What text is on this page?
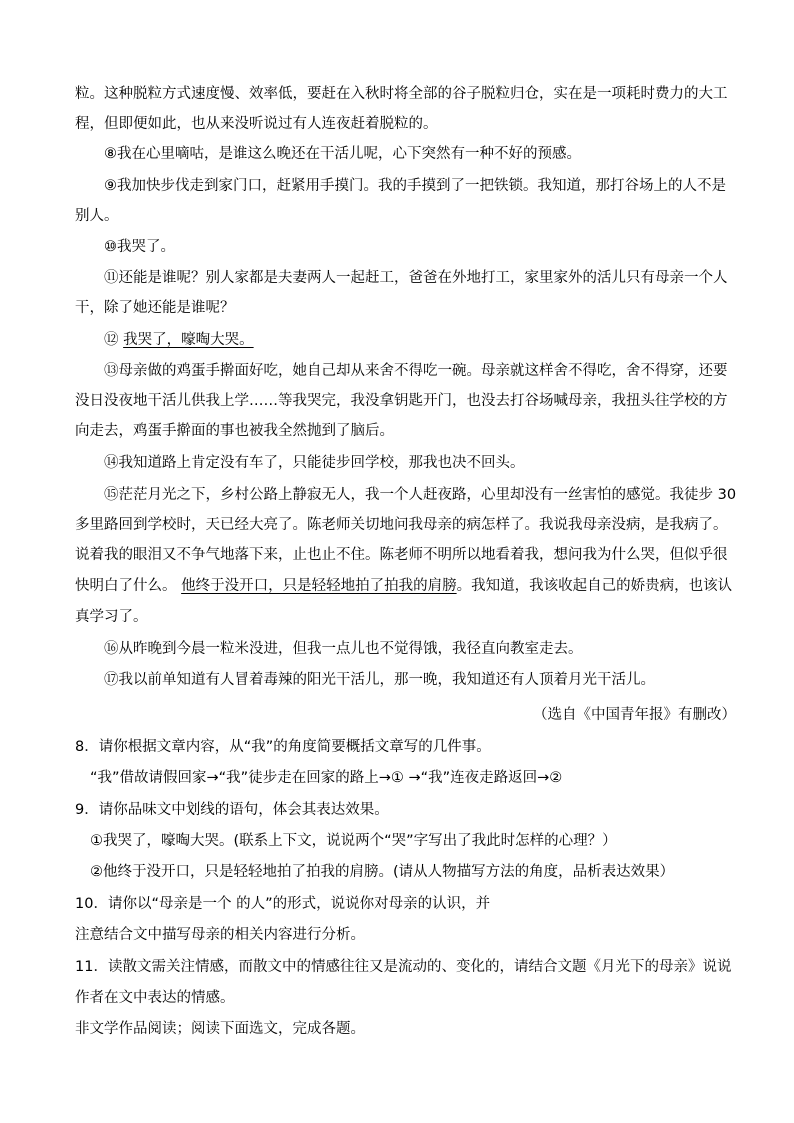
粒。这种脱粒方式速度慢、效率低，要赶在入秋时将全部的谷子脱粒归仓，实在是一项耗时费力的大工
程，但即便如此，也从来没听说过有人连夜赶着脱粒的。
⑧我在心里嘀咕，是谁这么晚还在干活儿呢，心下突然有一种不好的预感。
⑨我加快步伐走到家门口，赶紧用手摸门。我的手摸到了一把铁锁。我知道，那打谷场上的人不是
别人。
⑩我哭了。
⑪还能是谁呢？别人家都是夫妻两人一起赶工，爸爸在外地打工，家里家外的活儿只有母亲一个人
干，除了她还能是谁呢？
⑫ 我哭了，嚎啕大哭。
⑬母亲做的鸡蛋手擀面好吃，她自己却从来舍不得吃一碗。母亲就这样舍不得吃，舍不得穿，还要
没日没夜地干活儿供我上学……等我哭完，我没拿钥匙开门，也没去打谷场喊母亲，我扭头往学校的方
向走去，鸡蛋手擀面的事也被我全然抛到了脑后。
⑭我知道路上肯定没有车了，只能徒步回学校，那我也决不回头。
⑮茫茫月光之下，乡村公路上静寂无人，我一个人赶夜路，心里却没有一丝害怕的感觉。我徒步 30
多里路回到学校时，天已经大亮了。陈老师关切地问我母亲的病怎样了。我说我母亲没病，是我病了。
说着我的眼泪又不争气地落下来，止也止不住。陈老师不明所以地看着我，想问我为什么哭，但似乎很
快明白了什么。 他终于没开口，只是轻轻地拍了拍我的肩膀。我知道，我该收起自己的娇贵病，也该认
真学习了。
⑯从昨晚到今晨一粒米没进，但我一点儿也不觉得饿，我径直向教室走去。
⑰我以前单知道有人冒着毒辣的阳光干活儿，那一晚，我知道还有人顶着月光干活儿。
（选自《中国青年报》有删改）
8．请你根据文章内容，从“我”的角度简要概括文章写的几件事。
“我”借故请假回家→“我”徒步走在回家的路上→① →“我”连夜走路返回→②
9．请你品味文中划线的语句，体会其表达效果。
①我哭了，嚎啕大哭。(联系上下文，说说两个“哭”字写出了我此时怎样的心理？）
②他终于没开口，只是轻轻地拍了拍我的肩膀。(请从人物描写方法的角度，品析表达效果）
10．请你以“母亲是一个 的人”的形式，说说你对母亲的认识，并
注意结合文中描写母亲的相关内容进行分析。
11．读散文需关注情感，而散文中的情感往往又是流动的、变化的，请结合文题《月光下的母亲》说说
作者在文中表达的情感。
非文学作品阅读；阅读下面选文，完成各题。
